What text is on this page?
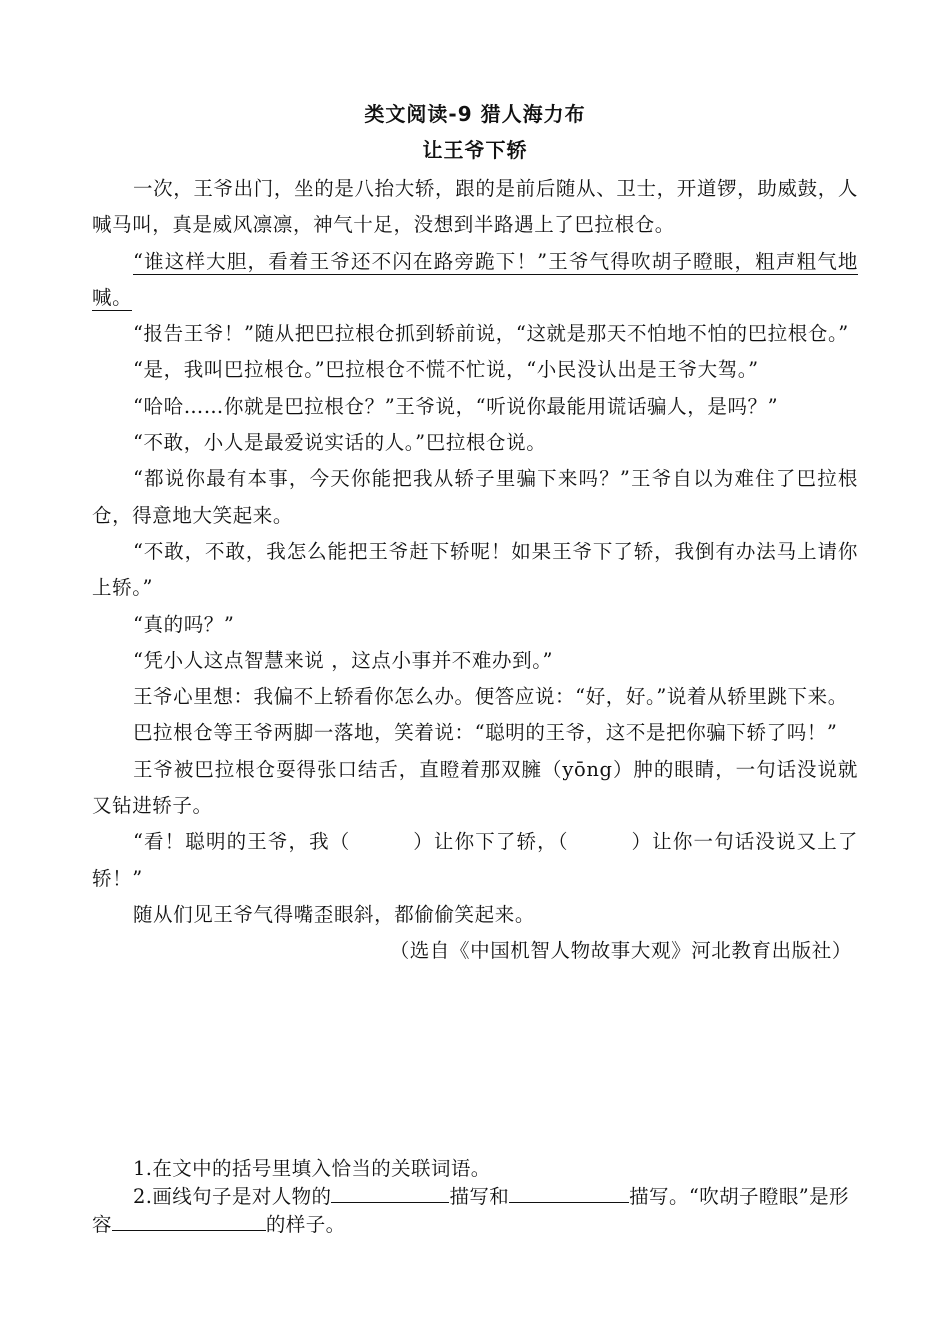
类文阅读-9 猎人海力布
让王爷下轿

一次，王爷出门，坐的是八抬大轿，跟的是前后随从、卫士，开道锣，助威鼓，人喊马叫，真是威风凛凛，神气十足，没想到半路遇上了巴拉根仓。

“谁这样大胆，看着王爷还不闪在路旁跪下！”王爷气得吹胡子瞪眼，粗声粗气地喊。

“报告王爷！”随从把巴拉根仓抓到轿前说，“这就是那天不怕地不怕的巴拉根仓。”

“是，我叫巴拉根仓。”巴拉根仓不慌不忙说，“小民没认出是王爷大驾。”

“哈哈……你就是巴拉根仓？”王爷说，“听说你最能用谎话骗人，是吗？”

“不敢，小人是最爱说实话的人。”巴拉根仓说。

“都说你最有本事，今天你能把我从轿子里骗下来吗？”王爷自以为难住了巴拉根仓，得意地大笑起来。

“不敢，不敢，我怎么能把王爷赶下轿呢！如果王爷下了轿，我倒有办法马上请你上轿。”

“真的吗？”

“凭小人这点智慧来说 ，这点小事并不难办到。”

王爷心里想：我偏不上轿看你怎么办。便答应说：“好，好。”说着从轿里跳下来。

巴拉根仓等王爷两脚一落地，笑着说：“聪明的王爷，这不是把你骗下轿了吗！”

王爷被巴拉根仓耍得张口结舌，直瞪着那双臃（yōng）肿的眼睛，一句话没说就又钻进轿子。

“看！聪明的王爷，我（	）让你下了轿，（	）让你一句话没说又上了轿！”

随从们见王爷气得嘴歪眼斜，都偷偷笑起来。

（选自《中国机智人物故事大观》河北教育出版社）

1.在文中的括号里填入恰当的关联词语。

2.画线句子是对人物的	描写和	描写。“吹胡子瞪眼”是形容	的样子。
